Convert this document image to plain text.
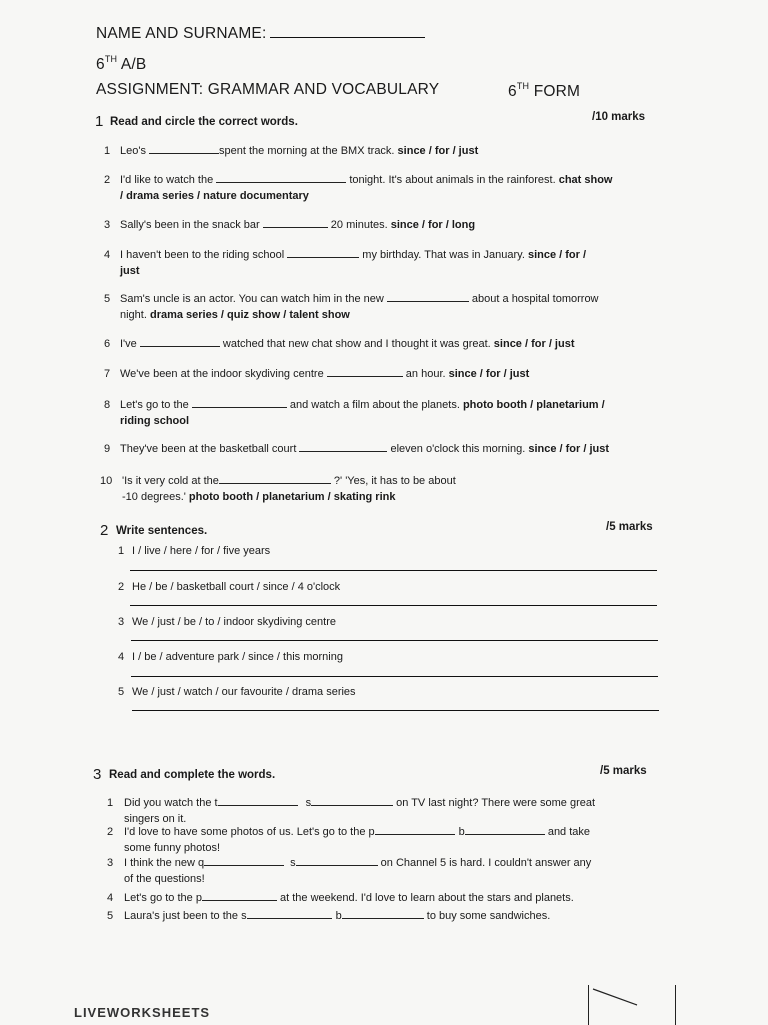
NAME AND SURNAME:
6TH A/B
ASSIGNMENT: GRAMMAR AND VOCABULARY	6TH FORM
1 Read and circle the correct words.	/10 marks
1 Leo's	spent the morning at the BMX track. since / for / just
2 I'd like to watch the	tonight. It's about animals in the rainforest. chat show
/ drama series / nature documentary
3 Sally's been in the snack bar	20 minutes. since / for / long
4 I haven't been to the riding school	my birthday. That was in January. since / for /
just
5 Sam's uncle is an actor. You can watch him in the new	about a hospital tomorrow
night. drama series / quiz show / talent show
6 I've	watched that new chat show and I thought it was great. since / for / just
7 We've been at the indoor skydiving centre	an hour. since / for / just
8 Let's go to the	and watch a film about the planets. photo booth / planetarium /
riding school
9 They've been at the basketball court	eleven o'clock this morning. since / for / just
10 'Is it very cold at the	?' 'Yes, it has to be about
-10 degrees.' photo booth / planetarium / skating rink
2 Write sentences.	/5 marks
1 I / live / here / for / five years
2 He / be / basketball court / since / 4 o'clock
3 We / just / be / to / indoor skydiving centre
4 I / be / adventure park / since / this morning
5 We / just / watch / our favourite / drama series
3 Read and complete the words.	/5 marks
1 Did you watch the t	s	on TV last night? There were some great
singers on it.
2 I'd love to have some photos of us. Let's go to the p	b	and take
some funny photos!
3 I think the new q	s	on Channel 5 is hard. I couldn't answer any
of the questions!
4 Let's go to the p	at the weekend. I'd love to learn about the stars and planets.
5 Laura's just been to the s	b	to buy some sandwiches.
$_{LIVEWORKSHEETS}$
